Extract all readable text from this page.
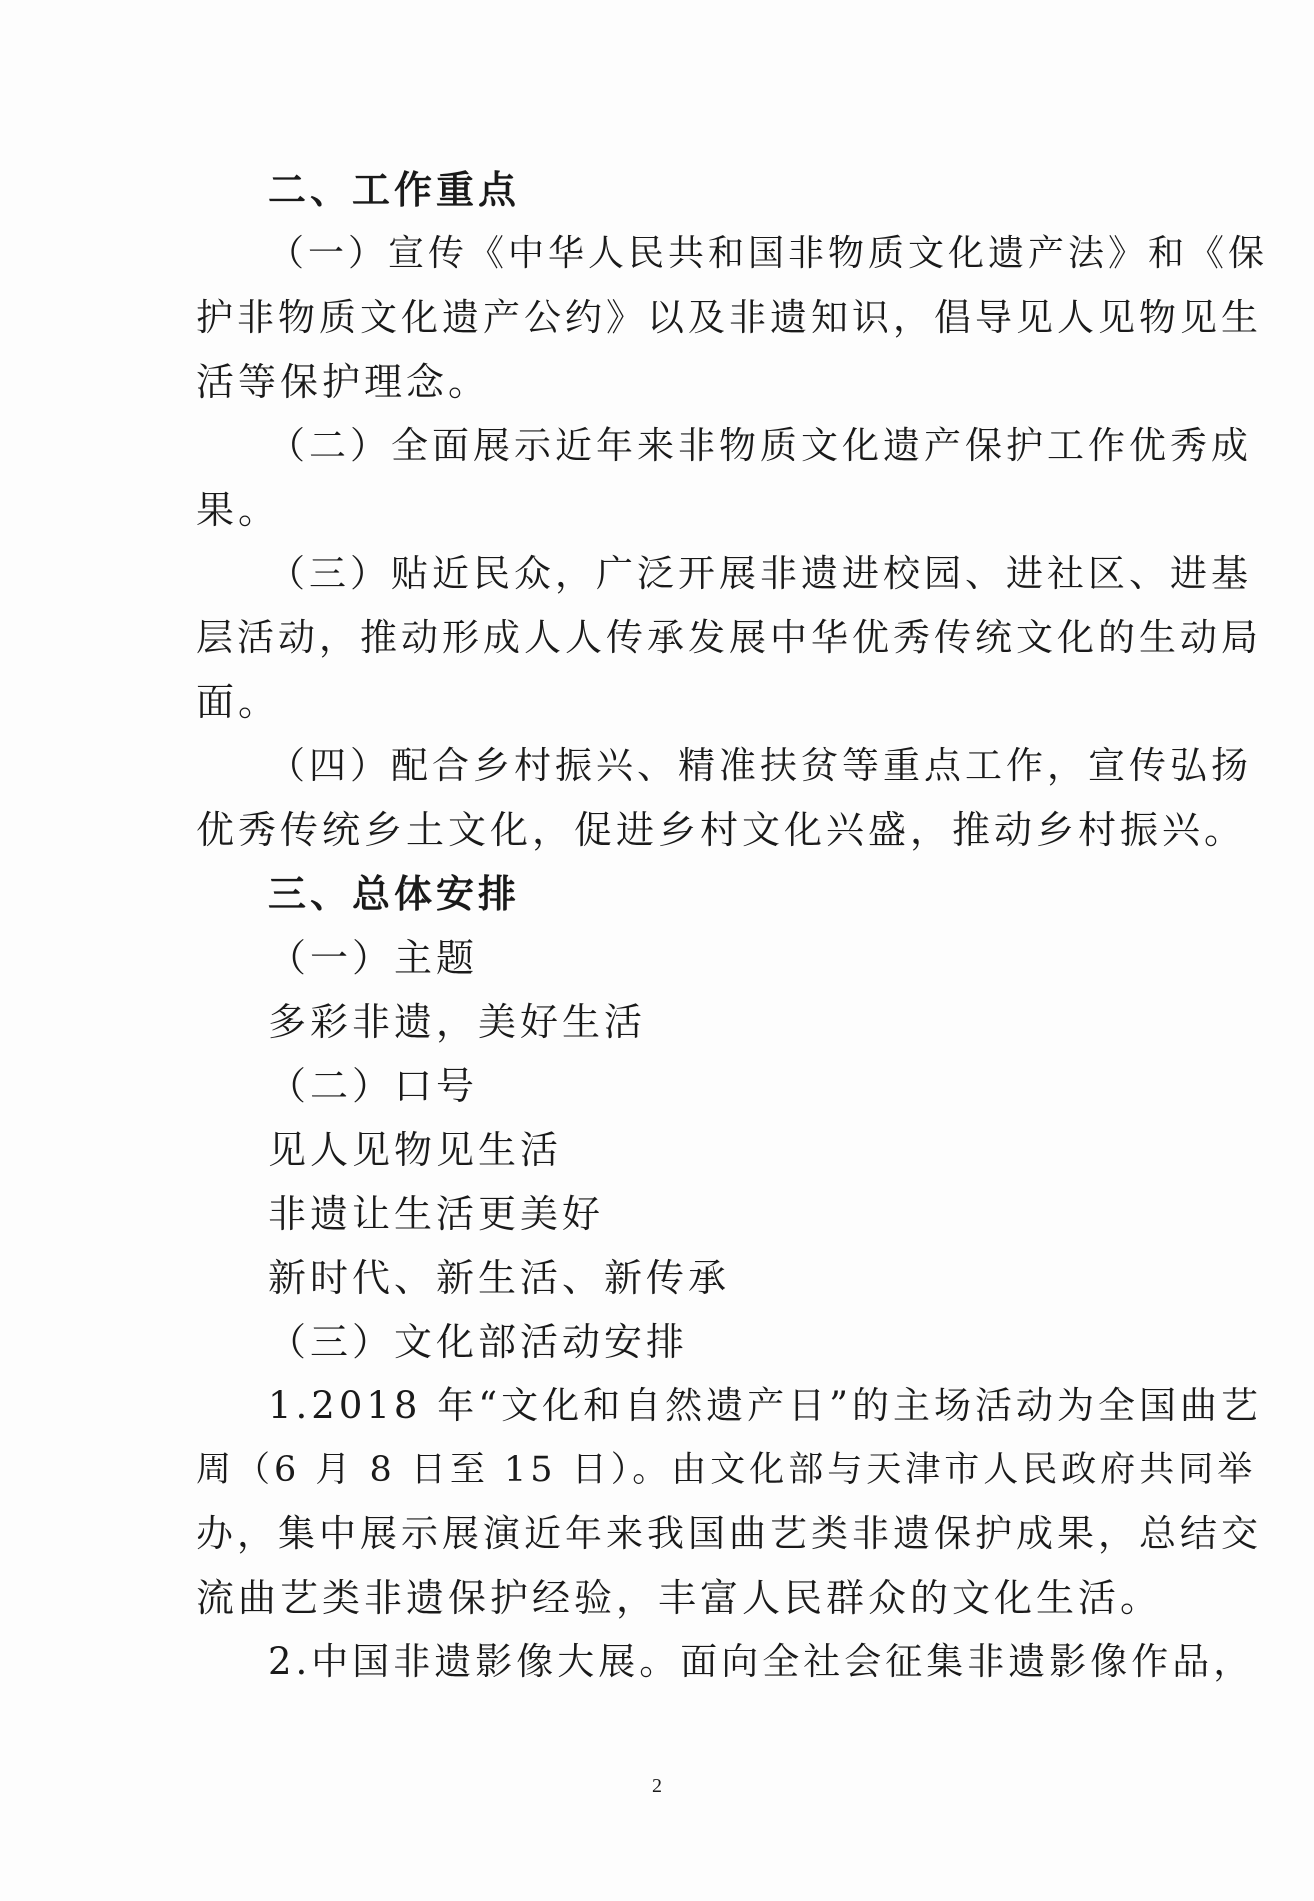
二、工作重点
（一）宣传《中华人民共和国非物质文化遗产法》和《保
护非物质文化遗产公约》以及非遗知识，倡导见人见物见生
活等保护理念。
（二）全面展示近年来非物质文化遗产保护工作优秀成
果。
（三）贴近民众，广泛开展非遗进校园、进社区、进基
层活动，推动形成人人传承发展中华优秀传统文化的生动局
面。
（四）配合乡村振兴、精准扶贫等重点工作，宣传弘扬
优秀传统乡土文化，促进乡村文化兴盛，推动乡村振兴。
三、总体安排
（一）主题
多彩非遗，美好生活
（二）口号
见人见物见生活
非遗让生活更美好
新时代、新生活、新传承
（三）文化部活动安排
1.2018 年“文化和自然遗产日”的主场活动为全国曲艺
周（6 月 8 日至 15 日）。由文化部与天津市人民政府共同举
办，集中展示展演近年来我国曲艺类非遗保护成果，总结交
流曲艺类非遗保护经验，丰富人民群众的文化生活。
2.中国非遗影像大展。面向全社会征集非遗影像作品，
2
